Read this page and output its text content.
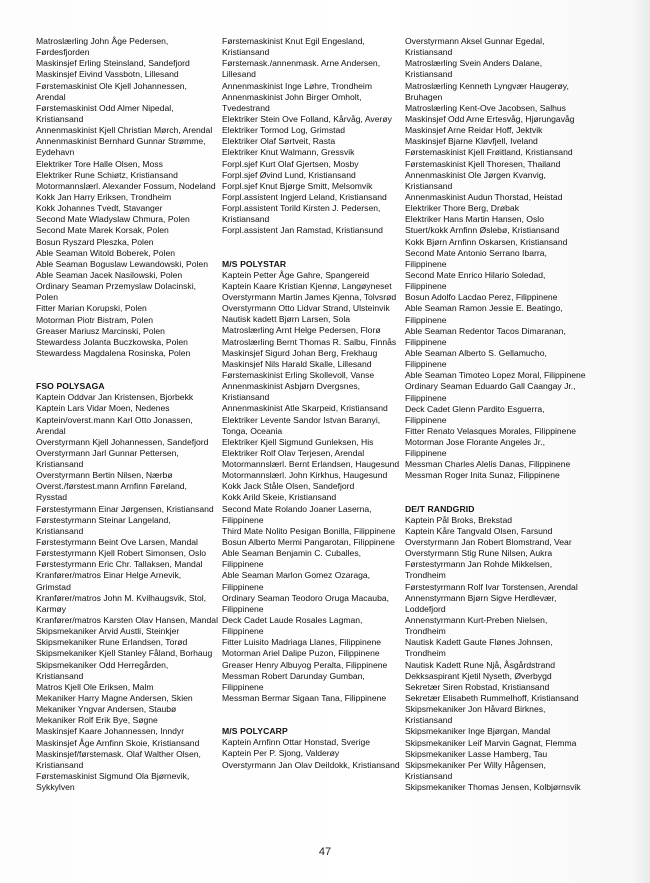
Matroslærling John Åge Pedersen,
Førdesfjorden
Maskinsjef Erling Steinsland, Sandefjord
Maskinsjef Eivind Vassbotn, Lillesand
Førstemaskinist Ole Kjell Johannessen,
Arendal
Førstemaskinist Odd Almer Nipedal,
Kristiansand
Annenmaskinist Kjell Christian Mørch, Arendal
Annenmaskinist Bernhard Gunnar Strømme,
Eydehavn
Elektriker Tore Halle Olsen, Moss
Elektriker Rune Schiøtz, Kristiansand
Motormannslærl. Alexander Fossum, Nodeland
Kokk Jan Harry Eriksen, Trondheim
Kokk Johannes Tvedt, Stavanger
Second Mate Wladyslaw Chmura, Polen
Second Mate Marek Korsak, Polen
Bosun Ryszard Pleszka, Polen
Able Seaman Witold Boberek, Polen
Able Seaman Boguslaw Lewandowski, Polen
Able Seaman Jacek Nasilowski, Polen
Ordinary Seaman Przemyslaw Dolacinski,
Polen
Fitter Marian Korupski, Polen
Motorman Piotr Bistram, Polen
Greaser Mariusz Marcinski, Polen
Stewardess Jolanta Buczkowska, Polen
Stewardess Magdalena Rosinska, Polen
FSO POLYSAGA
Kaptein Oddvar Jan Kristensen, Bjorbekk
Kaptein Lars Vidar Moen, Nedenes
Kaptein/overst.mann Karl Otto Jonassen,
Arendal
Overstyrmann Kjell Johannessen, Sandefjord
Overstyrmann Jarl Gunnar Pettersen,
Kristiansand
Overstyrmann Bertin Nilsen, Nærbø
Overst./førstest.mann Arnfinn Føreland,
Rysstad
Førstestyrmann Einar Jørgensen, Kristiansand
Førstestyrmann Steinar Langeland,
Kristiansand
Førstestyrmann Beint Ove Larsen, Mandal
Førstestyrmann Kjell Robert Simonsen, Oslo
Førstestyrmann Eric Chr. Tallaksen, Mandal
Kranfører/matros Einar Helge Arnevik,
Grimstad
Kranfører/matros John M. Kvilhaugsvik, Stol,
Karmøy
Kranfører/matros Karsten Olav Hansen, Mandal
Skipsmekaniker Arvid Austli, Steinkjer
Skipsmekaniker Rune Erlandsen, Torød
Skipsmekaniker Kjell Stanley Fåland, Borhaug
Skipsmekaniker Odd Herregården,
Kristiansand
Matros Kjell Ole Eriksen, Malm
Mekaniker Harry Magne Andersen, Skien
Mekaniker Yngvar Andersen, Staubø
Mekaniker Rolf Erik Bye, Søgne
Maskinsjef Kaare Johannessen, Inndyr
Maskinsjef Åge Arnfinn Skoie, Kristiansand
Maskinsjef/førstemask. Olaf Walther Olsen,
Kristiansand
Førstemaskinist Sigmund Ola Bjørnevik,
Sykkylven
Førstemaskinist Knut Egil Engesland,
Kristiansand
Førstemask./annenmask. Arne Andersen,
Lillesand
Annenmaskinist Inge Løhre, Trondheim
Annenmaskinist John Birger Omholt,
Tvedestrand
Elektriker Stein Ove Folland, Kårvåg, Averøy
Elektriker Tormod Log, Grimstad
Elektriker Olaf Sørtveit, Rasta
Elektriker Knut Walmann, Gressvik
Forpl.sjef Kurt Olaf Gjertsen, Mosby
Forpl.sjef Øvind Lund, Kristiansand
Forpl.sjef Knut Bjørge Smitt, Melsomvik
Forpl.assistent Ingjerd Leland, Kristiansand
Forpl.assistent Torild Kirsten J. Pedersen,
Kristiansand
Forpl.assistent Jan Ramstad, Kristiansund
M/S POLYSTAR
Kaptein Petter Åge Gahre, Spangereid
Kaptein Kaare Kristian Kjennø, Langøyneset
Overstyrmann Martin James Kjenna, Tolvsrød
Overstyrmann Otto Lidvar Strand, Ulsteinvik
Nautisk kadett Bjørn Larsen, Sola
Matroslærling Arnt Helge Pedersen, Florø
Matroslærling Bernt Thomas R. Salbu, Finnås
Maskinsjef Sigurd Johan Berg, Frekhaug
Maskinsjef Nils Harald Skalle, Lillesand
Førstemaskinist Erling Skollevoll, Vanse
Annenmaskinist Asbjørn Dvergsnes,
Kristiansand
Annenmaskinist Atle Skarpeid, Kristiansand
Elektriker Levente Sandor Istvan Baranyi,
Tonga, Oceania
Elektriker Kjell Sigmund Gunleksen, His
Elektriker Rolf Olav Terjesen, Arendal
Motormannslærl. Bernt Erlandsen, Haugesund
Motormannslærl. John Kirkhus, Haugesund
Kokk Jack Ståle Olsen, Sandefjord
Kokk Arild Skeie, Kristiansand
Second Mate Rolando Joaner Laserna,
Filippinene
Third Mate Nolito Pesigan Bonilla, Filippinene
Bosun Alberto Mermi Pangarotan, Filippinene
Able Seaman Benjamin C. Cuballes,
Filippinene
Able Seaman Marlon Gomez Ozaraga,
Filippinene
Ordinary Seaman Teodoro Oruga Macauba,
Filippinene
Deck Cadet Laude Rosales Lagman,
Filippinene
Fitter Luisito Madriaga Llanes, Filippinene
Motorman Ariel Dalipe Puzon, Filippinene
Greaser Henry Albuyog Peralta, Filippinene
Messman Robert Darunday Gumban,
Filippinene
Messman Bermar Sigaan Tana, Filippinene
M/S POLYCARP
Kaptein Arnfinn Ottar Honstad, Sverige
Kaptein Per P. Sjong, Valderøy
Overstyrmann Jan Olav Deildokk, Kristiansand
Overstyrmann Aksel Gunnar Egedal,
Kristiansand
Matroslærling Svein Anders Dalane,
Kristiansand
Matroslærling Kenneth Lyngvær Haugerøy,
Bruhagen
Matroslærling Kent-Ove Jacobsen, Salhus
Maskinsjef Odd Arne Ertesvåg, Hjørungavåg
Maskinsjef Arne Reidar Hoff, Jektvik
Maskinsjef Bjarne Kløvfjell, Iveland
Førstemaskinist Kjell Frøitland, Kristiansand
Førstemaskinist Kjell Thoresen, Thailand
Annenmaskinist Ole Jørgen Kvanvig,
Kristiansand
Annenmaskinist Audun Thorstad, Heistad
Elektriker Thore Berg, Drøbak
Elektriker Hans Martin Hansen, Oslo
Stuert/kokk Arnfinn Øslebø, Kristiansand
Kokk Bjørn Arnfinn Oskarsen, Kristiansand
Second Mate Antonio Serrano Ibarra,
Filippinene
Second Mate Enrico Hilario Soledad,
Filippinene
Bosun Adolfo Lacdao Perez, Filippinene
Able Seaman Ramon Jessie E. Beatingo,
Filippinene
Able Seaman Redentor Tacos Dimaranan,
Filippinene
Able Seaman Alberto S. Gellamucho,
Filippinene
Able Seaman Timoteo Lopez Moral, Filippinene
Ordinary Seaman Eduardo Gall Caangay Jr.,
Filippinene
Deck Cadet Glenn Pardito Esguerra,
Filippinene
Fitter Renato Velasques Morales, Filippinene
Motorman Jose Florante Angeles Jr.,
Filippinene
Messman Charles Alelis Danas, Filippinene
Messman Roger Inita Sunaz, Filippinene
DE/T RANDGRID
Kaptein Pål Broks, Brekstad
Kaptein Kåre Tangvald Olsen, Farsund
Overstyrmann Jan Robert Blomstrand, Vear
Overstyrmann Stig Rune Nilsen, Aukra
Førstestyrmann Jan Rohde Mikkelsen,
Trondheim
Førstestyrmann Rolf Ivar Torstensen, Arendal
Annenstyrmann Bjørn Sigve Herdlevær,
Loddefjord
Annenstyrmann Kurt-Preben Nielsen,
Trondheim
Nautisk Kadett Gaute Flønes Johnsen,
Trondheim
Nautisk Kadett Rune Njå, Åsgårdstrand
Dekksaspirant Kjetil Nyseth, Øverbygd
Sekretær Siren Robstad, Kristiansand
Sekretær Elisabeth Rummelhoff, Kristiansand
Skipsmekaniker Jon Håvard Birknes,
Kristiansand
Skipsmekaniker Inge Bjørgan, Mandal
Skipsmekaniker Leif Marvin Gagnat, Flemma
Skipsmekaniker Lasse Hamberg, Tau
Skipsmekaniker Per Willy Hågensen,
Kristiansand
Skipsmekaniker Thomas Jensen, Kolbjørnsvik
47
